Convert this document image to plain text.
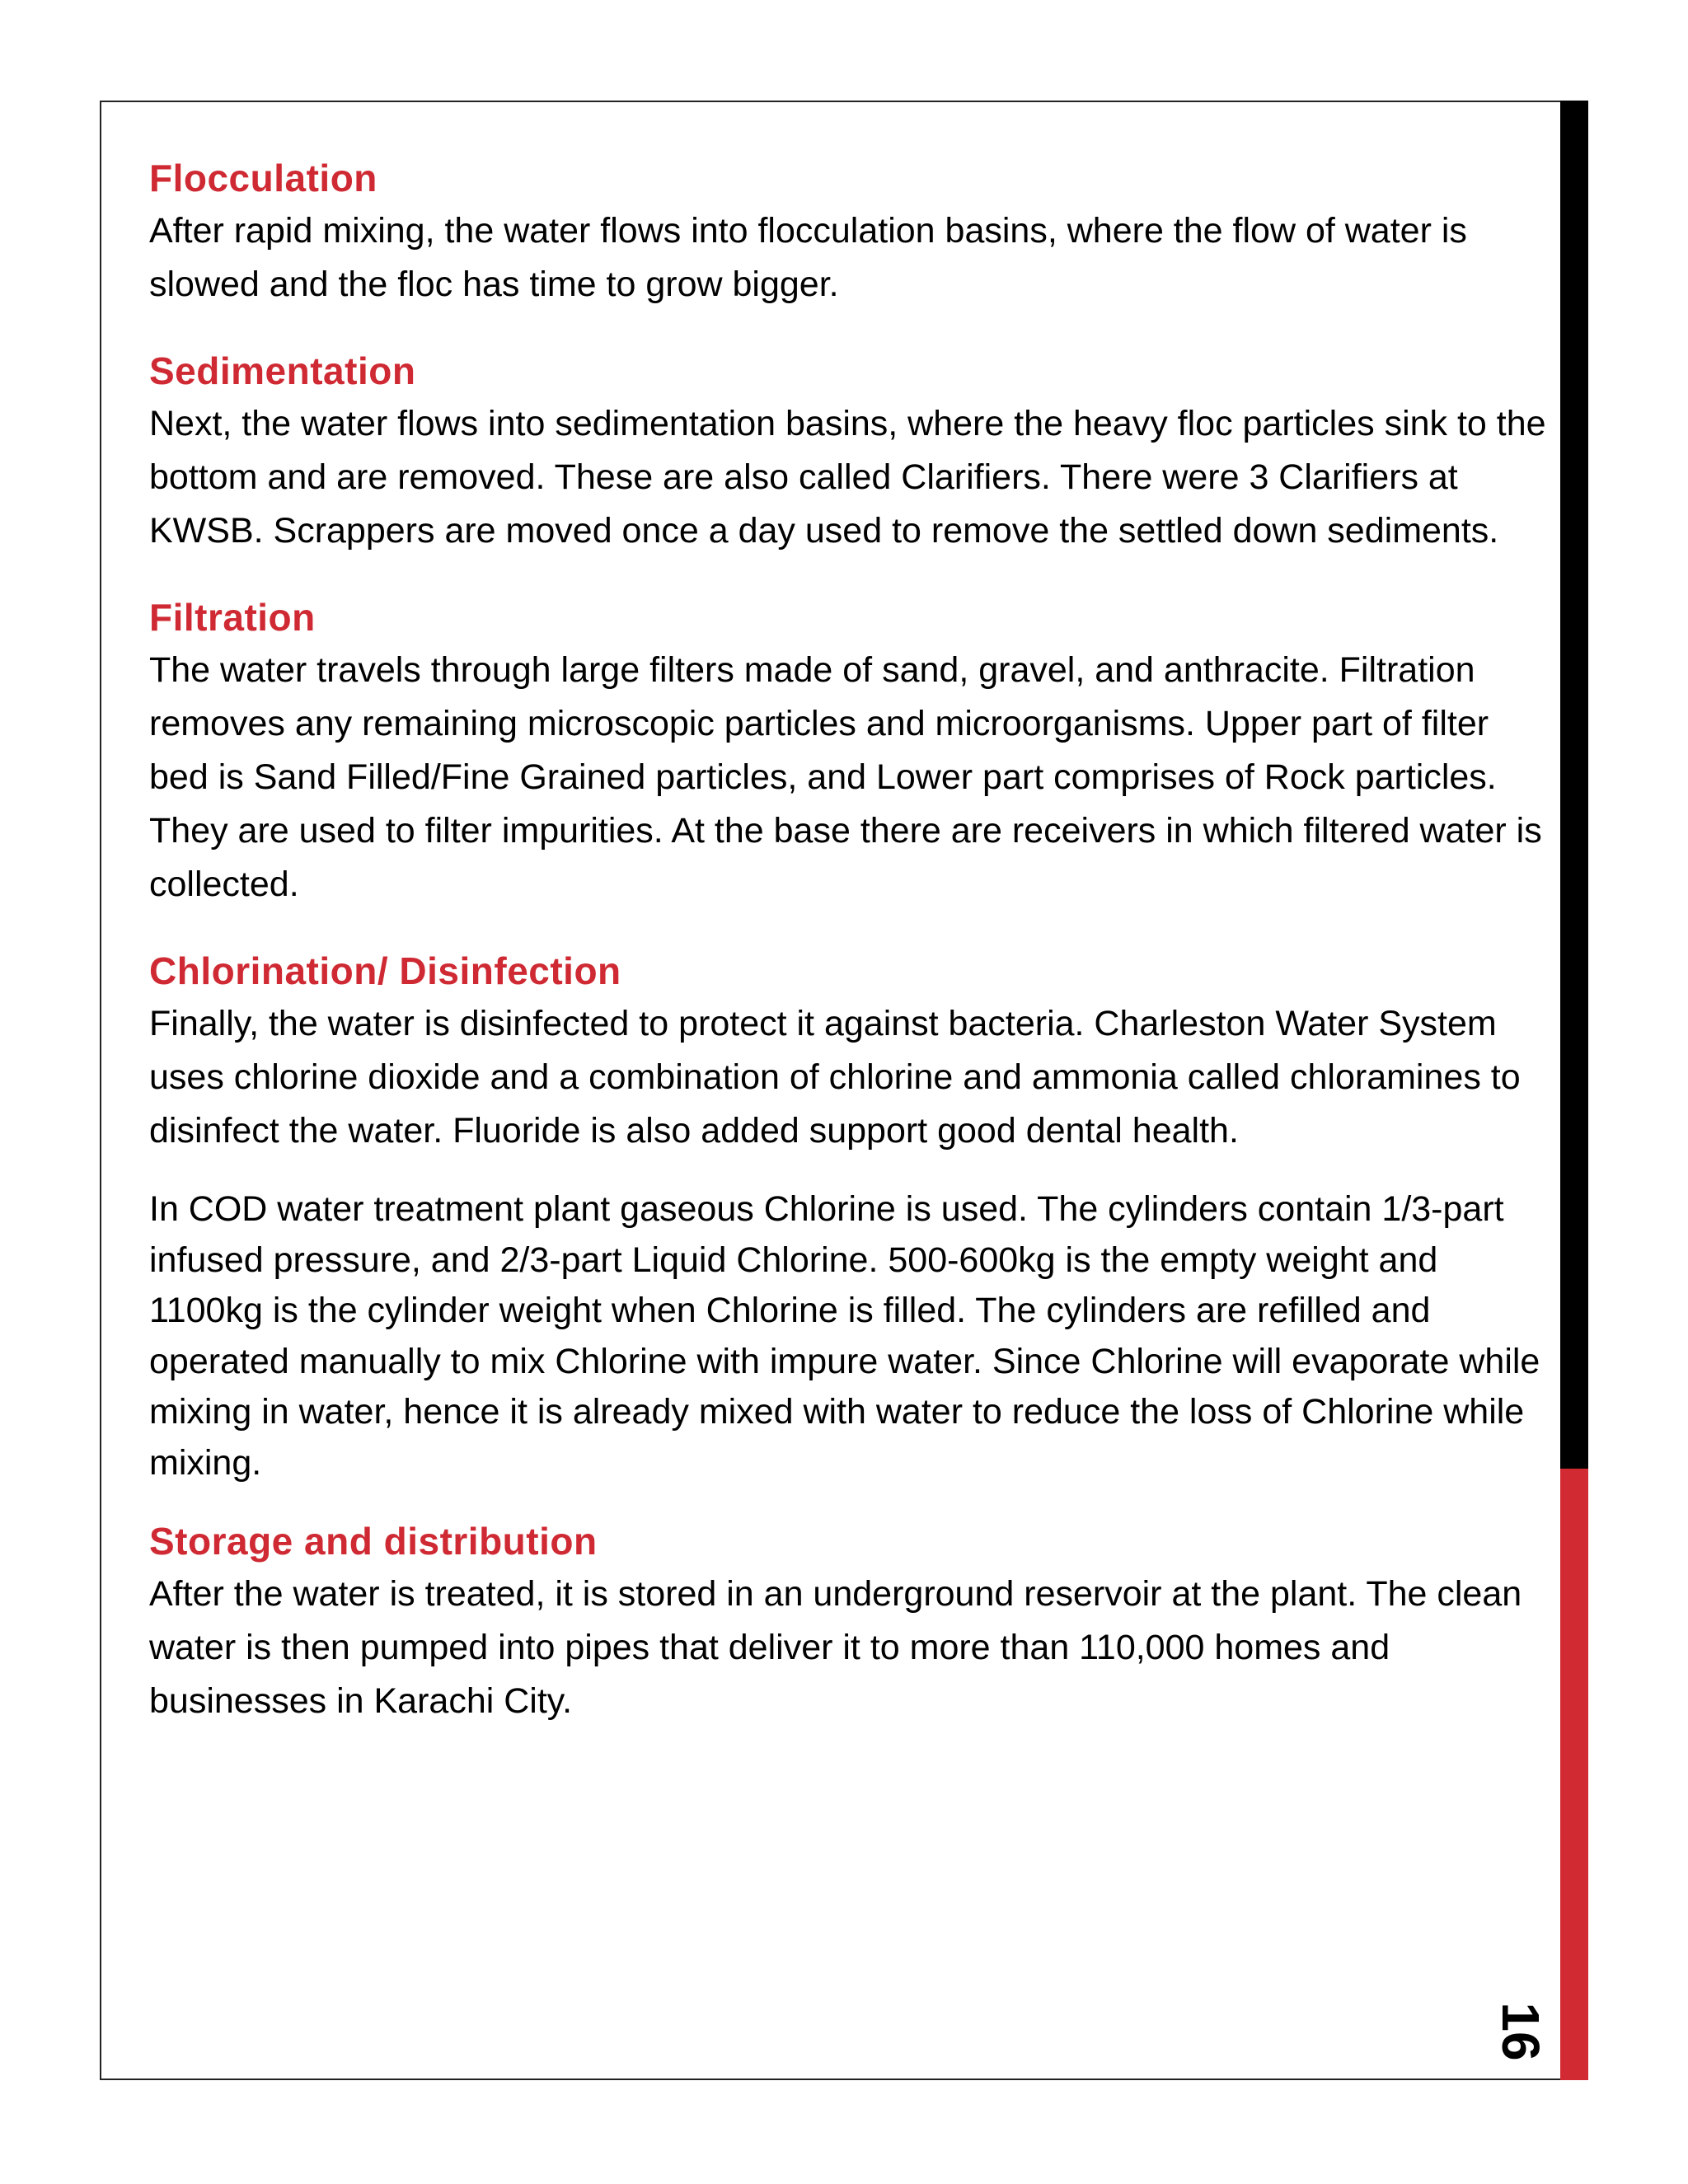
Flocculation

After rapid mixing, the water flows into flocculation basins, where the flow of water is slowed and the floc has time to grow bigger.

Sedimentation

Next, the water flows into sedimentation basins, where the heavy floc particles sink to the bottom and are removed. These are also called Clarifiers. There were 3 Clarifiers at KWSB. Scrappers are moved once a day used to remove the settled down sediments.

Filtration

The water travels through large filters made of sand, gravel, and anthracite. Filtration removes any remaining microscopic particles and microorganisms. Upper part of filter bed is Sand Filled/Fine Grained particles, and Lower part comprises of Rock particles. They are used to filter impurities. At the base there are receivers in which filtered water is collected.

Chlorination/ Disinfection

Finally, the water is disinfected to protect it against bacteria. Charleston Water System uses chlorine dioxide and a combination of chlorine and ammonia called chloramines to disinfect the water. Fluoride is also added support good dental health.

In COD water treatment plant gaseous Chlorine is used. The cylinders contain 1/3-part infused pressure, and 2/3-part Liquid Chlorine. 500-600kg is the empty weight and 1100kg is the cylinder weight when Chlorine is filled. The cylinders are refilled and operated manually to mix Chlorine with impure water. Since Chlorine will evaporate while mixing in water, hence it is already mixed with water to reduce the loss of Chlorine while mixing.

Storage and distribution

After the water is treated, it is stored in an underground reservoir at the plant. The clean water is then pumped into pipes that deliver it to more than 110,000 homes and businesses in Karachi City.

16
